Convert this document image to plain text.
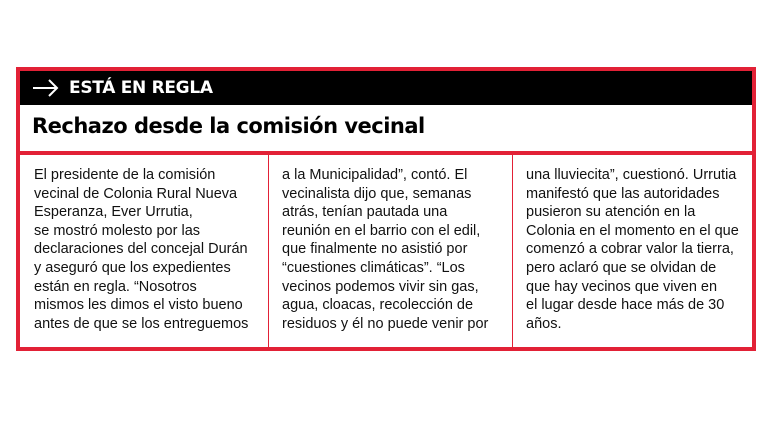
ESTÁ EN REGLA
Rechazo desde la comisión vecinal
El presidente de la comisión
vecinal de Colonia Rural Nueva
Esperanza, Ever Urrutia,
se mostró molesto por las
declaraciones del concejal Durán
y aseguró que los expedientes
están en regla. “Nosotros
mismos les dimos el visto bueno
antes de que se los entreguemos
a la Municipalidad”, contó. El
vecinalista dijo que, semanas
atrás, tenían pautada una
reunión en el barrio con el edil,
que finalmente no asistió por
“cuestiones climáticas”. “Los
vecinos podemos vivir sin gas,
agua, cloacas, recolección de
residuos y él no puede venir por
una lluviecita”, cuestionó. Urrutia
manifestó que las autoridades
pusieron su atención en la
Colonia en el momento en el que
comenzó a cobrar valor la tierra,
pero aclaró que se olvidan de
que hay vecinos que viven en
el lugar desde hace más de 30
años.
